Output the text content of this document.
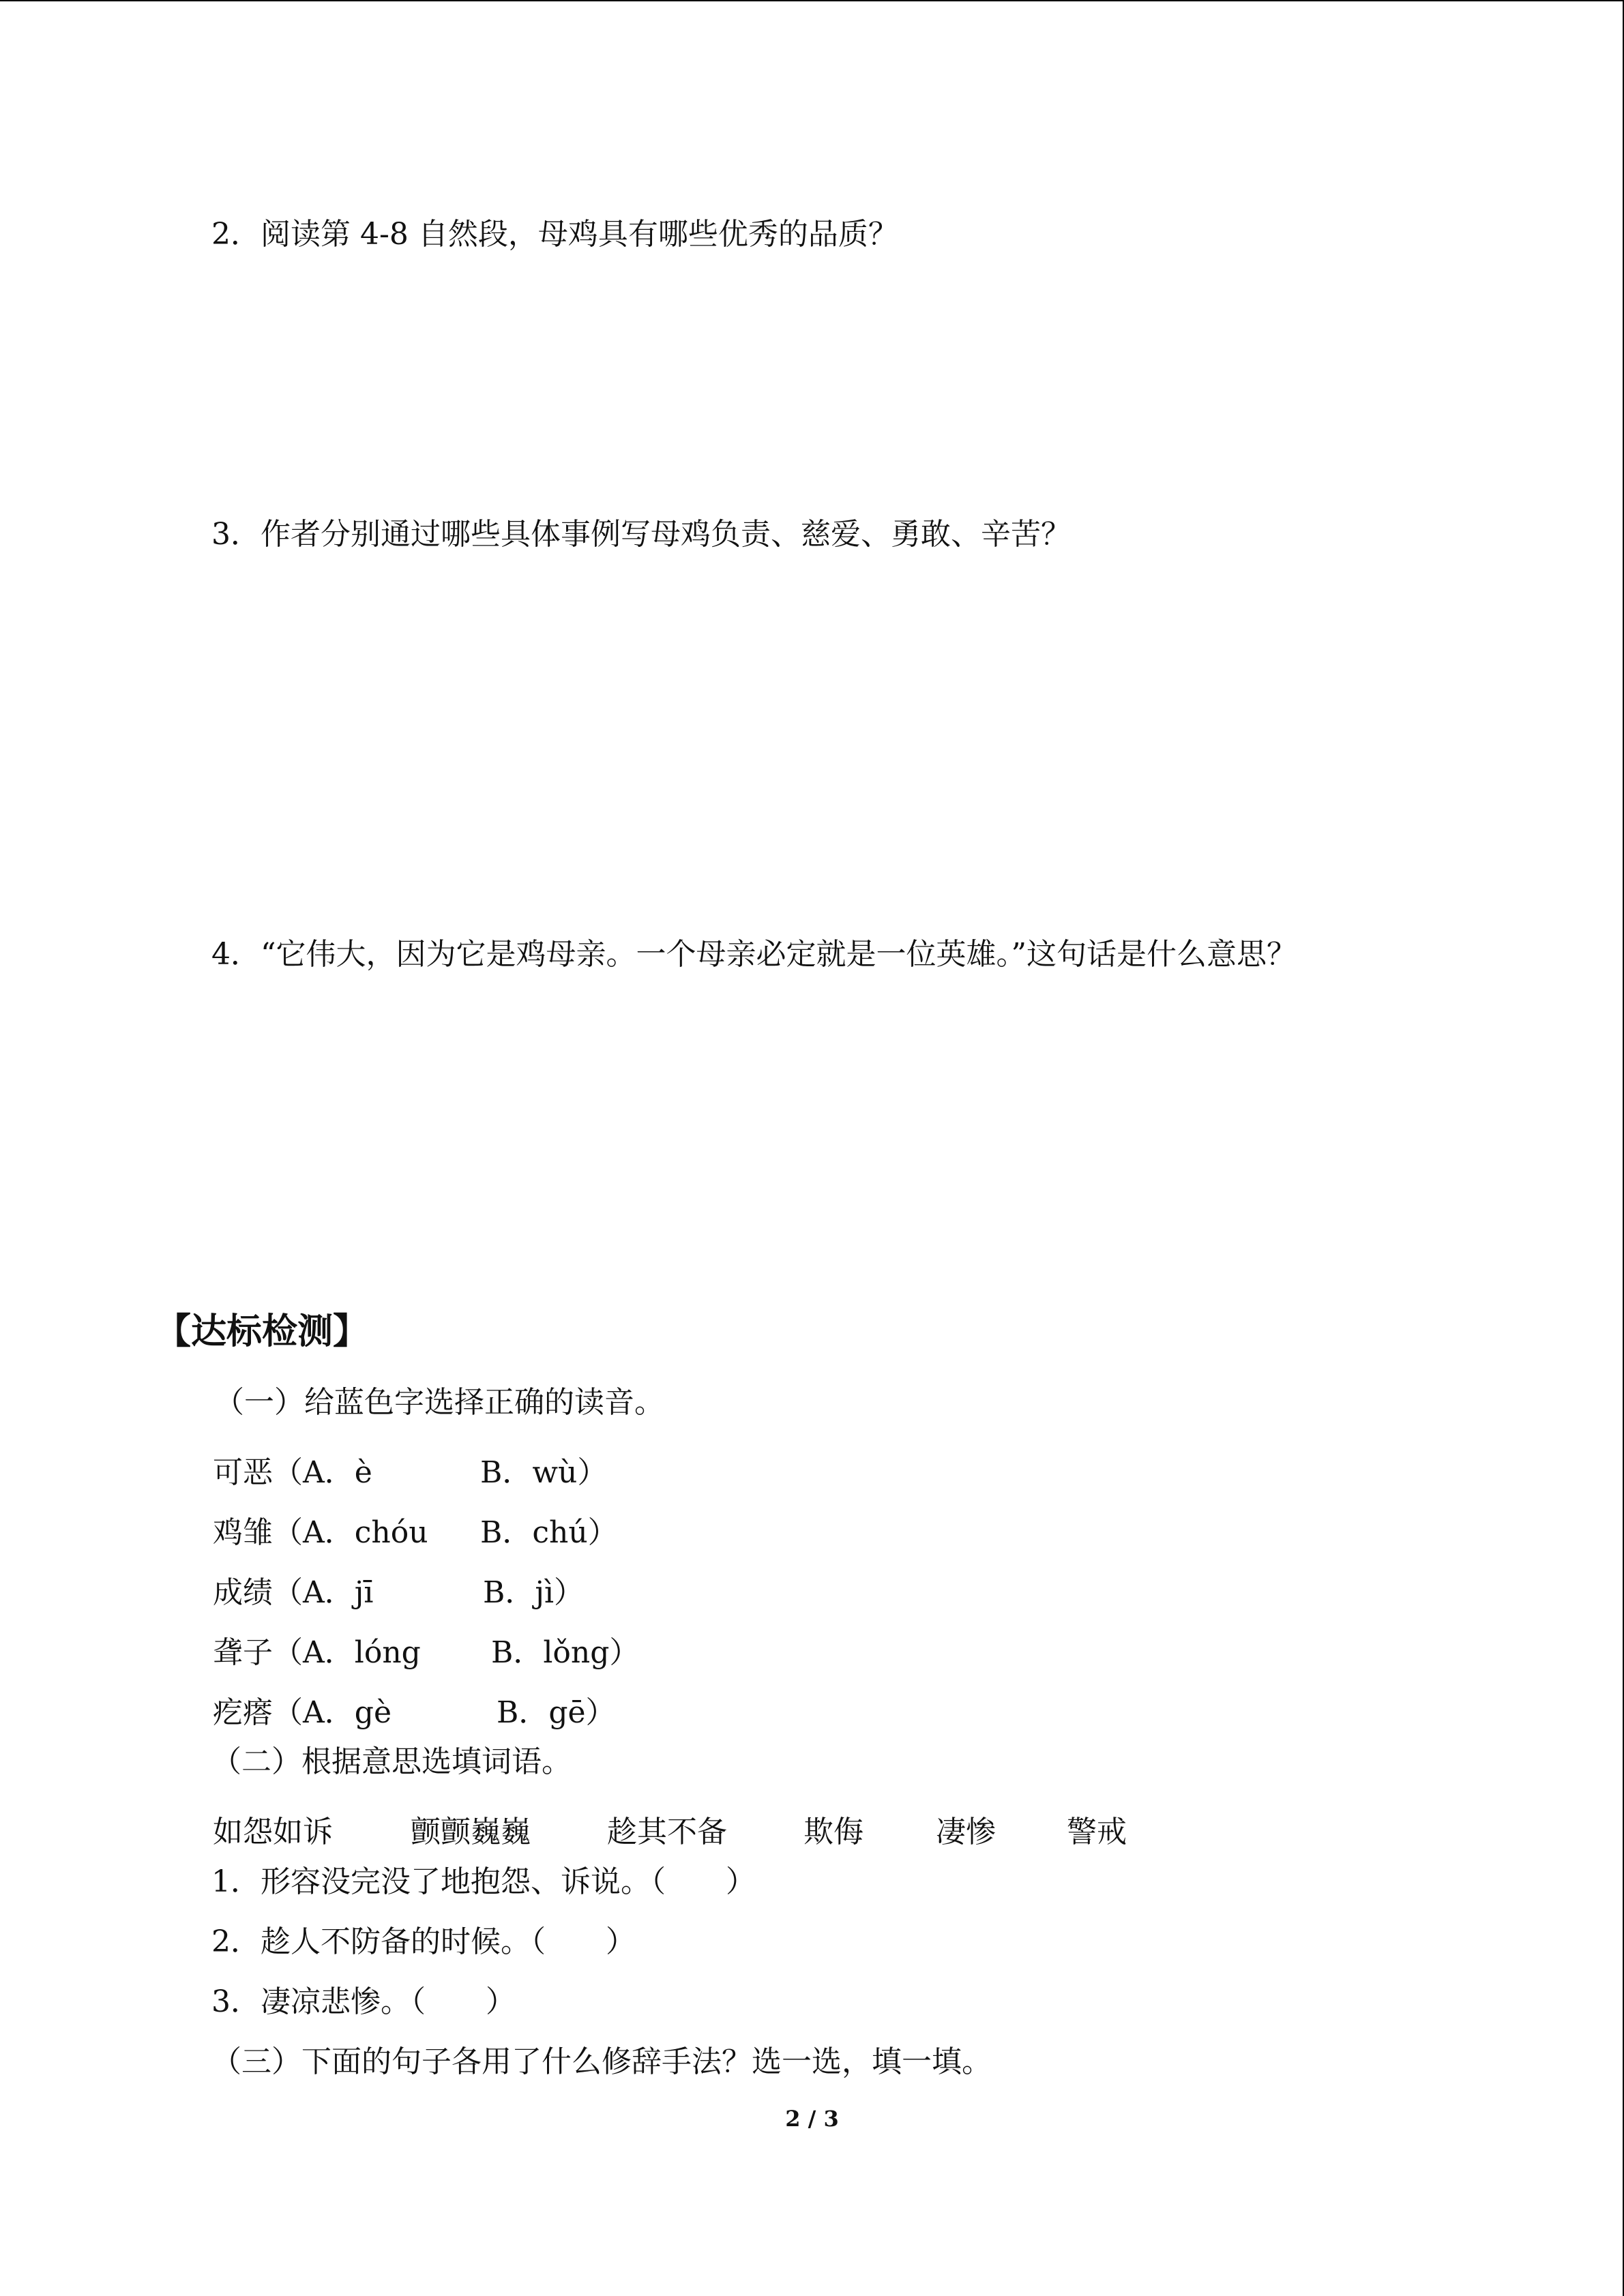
2．阅读第 4-8 自然段，母鸡具有哪些优秀的品质？
3．作者分别通过哪些具体事例写母鸡负责、慈爱、勇敢、辛苦？
4．“它伟大，因为它是鸡母亲。一个母亲必定就是一位英雄。”这句话是什么意思？
【达标检测】
（一）给蓝色字选择正确的读音。
可恶（A．è	B．wù）
鸡雏（A．chóu B．chú）
成绩（A．jī	B．jì）
聋子（A．lóng B．lǒng）
疙瘩（A．gè	B．gē）
（二）根据意思选填词语。
如怨如诉	颤颤巍巍	趁其不备	欺侮 凄惨 警戒
1．形容没完没了地抱怨、诉说。（　　）
2．趁人不防备的时候。（　　）
3．凄凉悲惨。（　　）
（三）下面的句子各用了什么修辞手法？选一选，填一填。
2 / 3
